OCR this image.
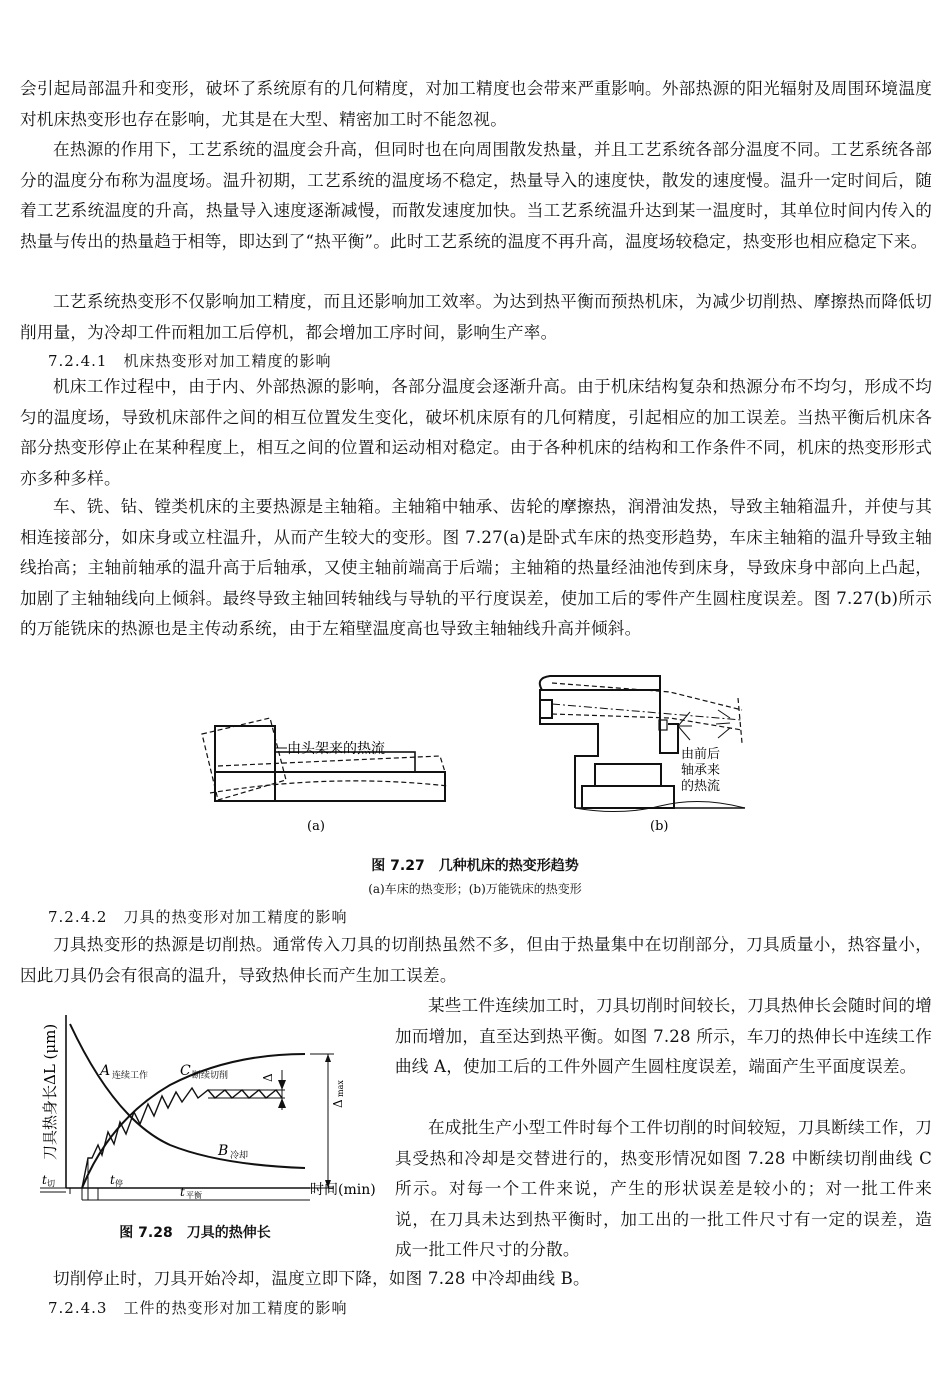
会引起局部温升和变形，破坏了系统原有的几何精度，对加工精度也会带来严重影响。外部热源的阳光辐射及周围环境温度对机床热变形也存在影响，尤其是在大型、精密加工时不能忽视。

在热源的作用下，工艺系统的温度会升高，但同时也在向周围散发热量，并且工艺系统各部分温度不同。工艺系统各部分的温度分布称为温度场。温升初期，工艺系统的温度场不稳定，热量导入的速度快，散发的速度慢。温升一定时间后，随着工艺系统温度的升高，热量导入速度逐渐减慢，而散发速度加快。当工艺系统温升达到某一温度时，其单位时间内传入的热量与传出的热量趋于相等，即达到了“热平衡”。此时工艺系统的温度不再升高，温度场较稳定，热变形也相应稳定下来。

工艺系统热变形不仅影响加工精度，而且还影响加工效率。为达到热平衡而预热机床，为减少切削热、摩擦热而降低切削用量，为冷却工件而粗加工后停机，都会增加工序时间，影响生产率。

7.2.4.1　机床热变形对加工精度的影响

机床工作过程中，由于内、外部热源的影响，各部分温度会逐渐升高。由于机床结构复杂和热源分布不均匀，形成不均匀的温度场，导致机床部件之间的相互位置发生变化，破坏机床原有的几何精度，引起相应的加工误差。当热平衡后机床各部分热变形停止在某种程度上，相互之间的位置和运动相对稳定。由于各种机床的结构和工作条件不同，机床的热变形形式亦多种多样。

车、铣、钻、镗类机床的主要热源是主轴箱。主轴箱中轴承、齿轮的摩擦热，润滑油发热，导致主轴箱温升，并使与其相连接部分，如床身或立柱温升，从而产生较大的变形。图 7.27(a)是卧式车床的热变形趋势，车床主轴箱的温升导致主轴线抬高；主轴前轴承的温升高于后轴承，又使主轴前端高于后端；主轴箱的热量经油池传到床身，导致床身中部向上凸起，加剧了主轴轴线向上倾斜。最终导致主轴回转轴线与导轨的平行度误差，使加工后的零件产生圆柱度误差。图 7.27(b)所示的万能铣床的热源也是主传动系统，由于左箱壁温度高也导致主轴轴线升高并倾斜。

由头架来的热流
(a)
由前后
轴承来
的热流
(b)

图 7.27　几种机床的热变形趋势

(a)车床的热变形；(b)万能铣床的热变形

7.2.4.2　刀具的热变形对加工精度的影响

刀具热变形的热源是切削热。通常传入刀具的切削热虽然不多，但由于热量集中在切削部分，刀具质量小，热容量小，因此刀具仍会有很高的温升，导致热伸长而产生加工误差。

刀具热身长ΔL (μm)
时间(min)
A 连续工作 C 断续切削
B 冷却
Δ
Δ
max
t 切	t 停
t 平衡

图 7.28　刀具的热伸长

某些工件连续加工时，刀具切削时间较长，刀具热伸长会随时间的增加而增加，直至达到热平衡。如图 7.28 所示，车刀的热伸长中连续工作曲线 A，使加工后的工件外圆产生圆柱度误差，端面产生平面度误差。

在成批生产小型工件时每个工件切削的时间较短，刀具断续工作，刀具受热和冷却是交替进行的，热变形情况如图 7.28 中断续切削曲线 C 所示。对每一个工件来说，产生的形状误差是较小的；对一批工件来说，在刀具未达到热平衡时，加工出的一批工件尺寸有一定的误差，造成一批工件尺寸的分散。

切削停止时，刀具开始冷却，温度立即下降，如图 7.28 中冷却曲线 B。

7.2.4.3　工件的热变形对加工精度的影响
